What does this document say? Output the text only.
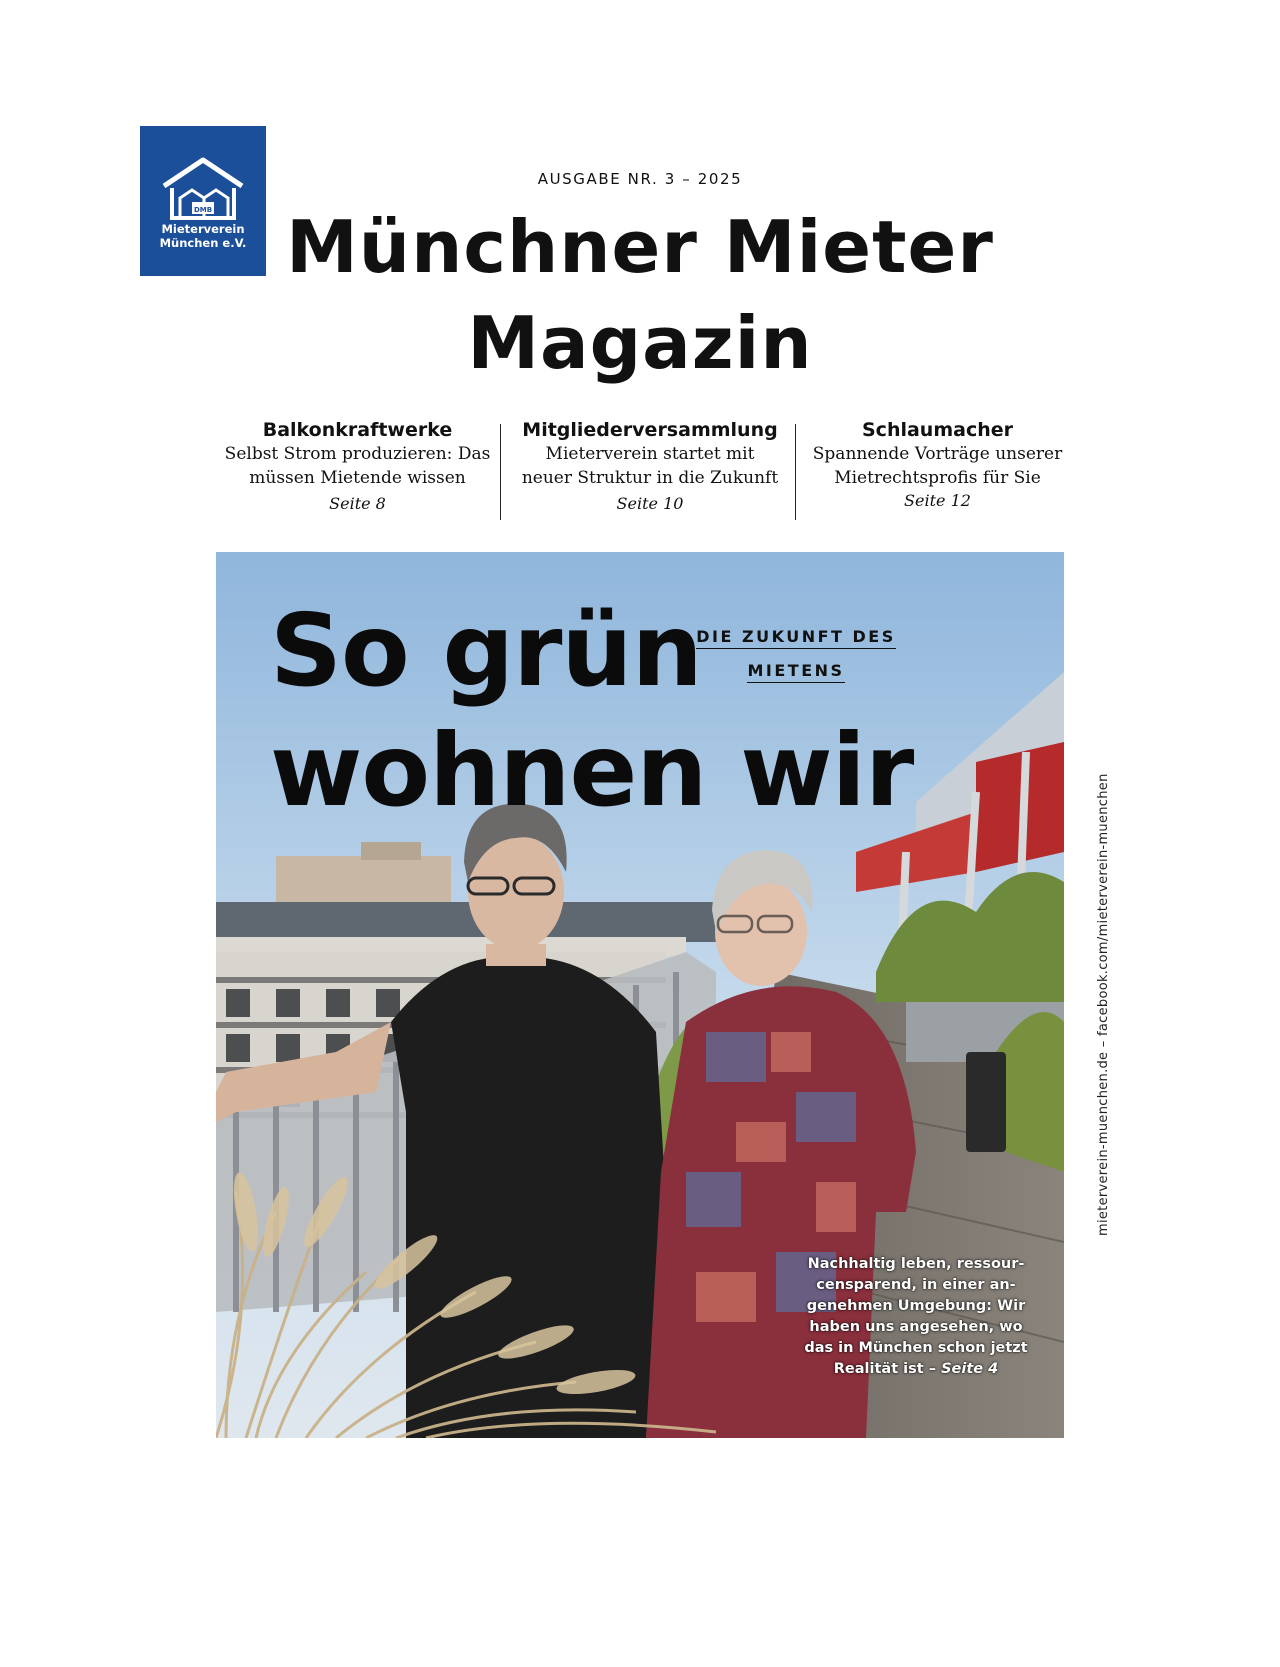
DMB
Mieterverein
München e.V.
AUSGABE NR. 3 – 2025
Münchner Mieter
Magazin
Balkonkraftwerke
Selbst Strom produzieren: Das
müssen Mietende wissen
Seite 8
Mitgliederversammlung
Mieterverein startet mit
neuer Struktur in die Zukunft
Seite 10
Schlaumacher
Spannende Vorträge unserer
Mietrechtsprofis für Sie
Seite 12
So grün
wohnen wir
DIE ZUKUNFT DES
MIETENS
Nachhaltig leben, ressour-
censparend, in einer an-
genehmen Umgebung: Wir
haben uns angesehen, wo
das in München schon jetzt
Realität ist – Seite 4
mieterverein-muenchen.de – facebook.com/mieterverein-muenchen
